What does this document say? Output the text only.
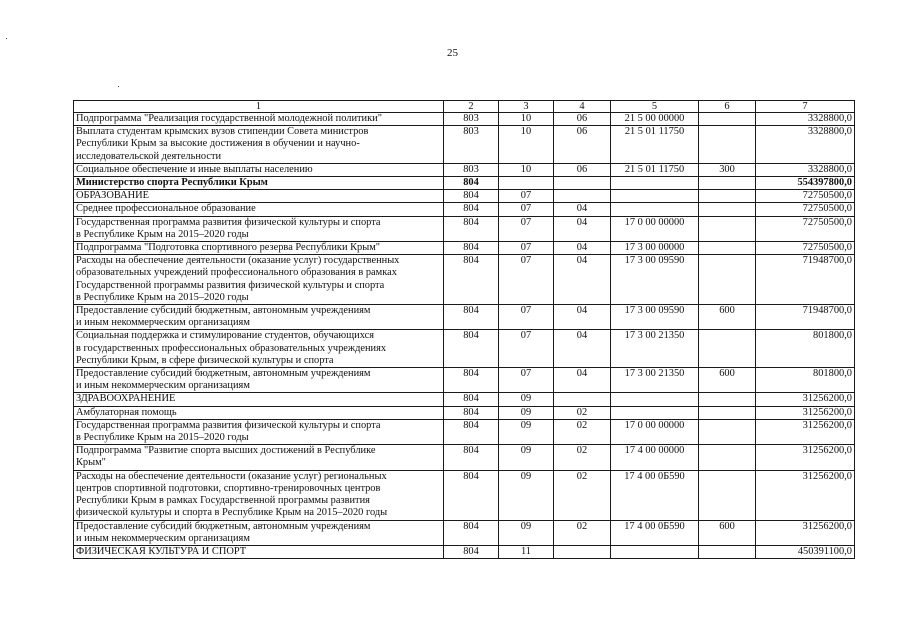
25
1	2	3	4	5	6	7
Подпрограмма "Реализация государственной молодежной политики"	803	10	06	21 5 00 00000		3328800,0
Выплата студентам крымских вузов стипендии Совета министров
Республики Крым за высокие достижения в обучении и научно-
исследовательской деятельности	803	10	06	21 5 01 11750		3328800,0
Социальное обеспечение и иные выплаты населению	803	10	06	21 5 01 11750	300	3328800,0
Министерство спорта Республики Крым	804					554397800,0
ОБРАЗОВАНИЕ	804	07				72750500,0
Среднее профессиональное образование	804	07	04			72750500,0
Государственная программа развития физической культуры и спорта
в Республике Крым на 2015–2020 годы	804	07	04	17 0 00 00000		72750500,0
Подпрограмма "Подготовка спортивного резерва Республики Крым"	804	07	04	17 3 00 00000		72750500,0
Расходы на обеспечение деятельности (оказание услуг) государственных
образовательных учреждений профессионального образования в рамках
Государственной программы развития физической культуры и спорта
в Республике Крым на 2015–2020 годы	804	07	04	17 3 00 09590		71948700,0
Предоставление субсидий бюджетным, автономным учреждениям
и иным некоммерческим организациям	804	07	04	17 3 00 09590	600	71948700,0
Социальная поддержка и стимулирование студентов, обучающихся
в государственных профессиональных образовательных учреждениях
Республики Крым, в сфере физической культуры и спорта	804	07	04	17 3 00 21350		801800,0
Предоставление субсидий бюджетным, автономным учреждениям
и иным некоммерческим организациям	804	07	04	17 3 00 21350	600	801800,0
ЗДРАВООХРАНЕНИЕ	804	09				31256200,0
Амбулаторная помощь	804	09	02			31256200,0
Государственная программа развития физической культуры и спорта
в Республике Крым на 2015–2020 годы	804	09	02	17 0 00 00000		31256200,0
Подпрограмма "Развитие спорта высших достижений в Республике
Крым"	804	09	02	17 4 00 00000		31256200,0
Расходы на обеспечение деятельности (оказание услуг) региональных
центров спортивной подготовки, спортивно-тренировочных центров
Республики Крым в рамках Государственной программы развития
физической культуры и спорта в Республике Крым на 2015–2020 годы	804	09	02	17 4 00 0Б590		31256200,0
Предоставление субсидий бюджетным, автономным учреждениям
и иным некоммерческим организациям	804	09	02	17 4 00 0Б590	600	31256200,0
ФИЗИЧЕСКАЯ КУЛЬТУРА И СПОРТ	804	11				450391100,0
